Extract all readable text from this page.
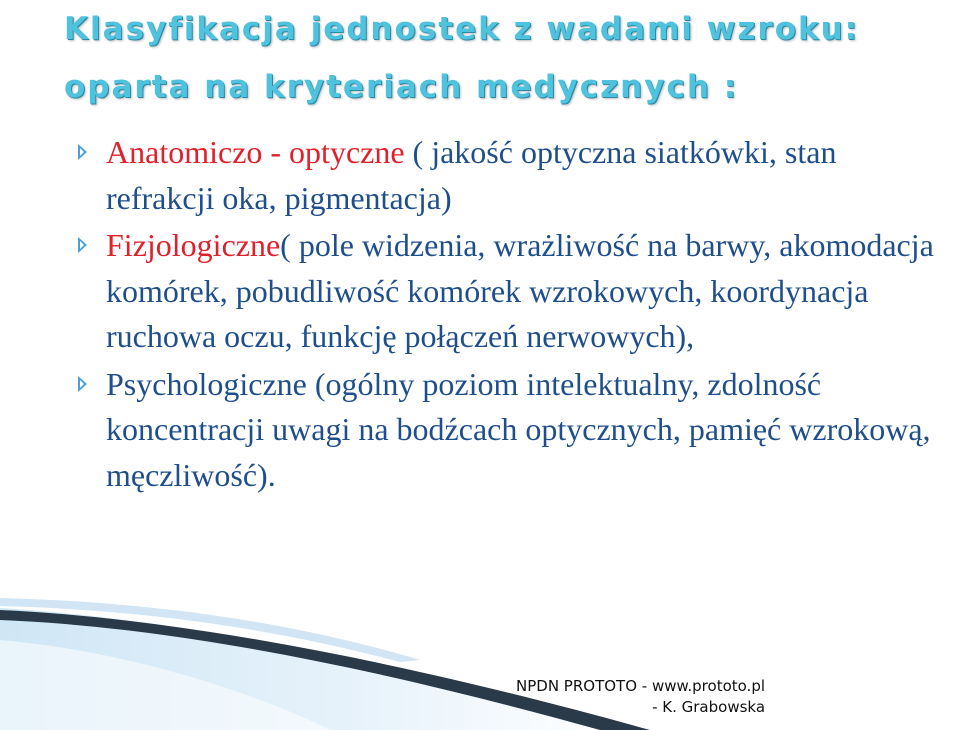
Klasyfikacja jednostek z wadami wzroku:
oparta na kryteriach medycznych :
Anatomiczo - optyczne ( jakość optyczna siatkówki, stan refrakcji oka, pigmentacja)
Fizjologiczne( pole widzenia, wrażliwość na barwy, akomodacja komórek, pobudliwość komórek wzrokowych, koordynacja ruchowa oczu, funkcję połączeń nerwowych),
Psychologiczne (ogólny poziom intelektualny, zdolność koncentracji uwagi na bodźcach optycznych, pamięć wzrokową, męczliwość).
NPDN PROTOTO - www.prototo.pl
- K. Grabowska
